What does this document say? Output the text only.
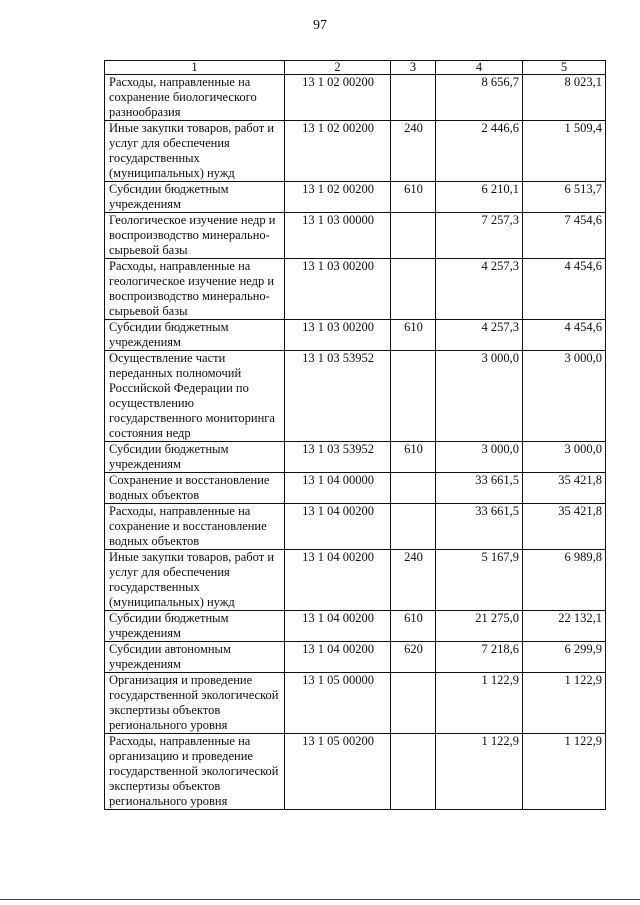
97
1	2	3	4	5
Расходы, направленные на сохранение биологического разнообразия	13 1 02 00200		8 656,7	8 023,1
Иные закупки товаров, работ и услуг для обеспечения государственных (муниципальных) нужд	13 1 02 00200	240	2 446,6	1 509,4
Субсидии бюджетным учреждениям	13 1 02 00200	610	6 210,1	6 513,7
Геологическое изучение недр и воспроизводство минерально-сырьевой базы	13 1 03 00000		7 257,3	7 454,6
Расходы, направленные на геологическое изучение недр и воспроизводство минерально-сырьевой базы	13 1 03 00200		4 257,3	4 454,6
Субсидии бюджетным учреждениям	13 1 03 00200	610	4 257,3	4 454,6
Осуществление части переданных полномочий Российской Федерации по осуществлению государственного мониторинга состояния недр	13 1 03 53952		3 000,0	3 000,0
Субсидии бюджетным учреждениям	13 1 03 53952	610	3 000,0	3 000,0
Сохранение и восстановление водных объектов	13 1 04 00000		33 661,5	35 421,8
Расходы, направленные на сохранение и восстановление водных объектов	13 1 04 00200		33 661,5	35 421,8
Иные закупки товаров, работ и услуг для обеспечения государственных (муниципальных) нужд	13 1 04 00200	240	5 167,9	6 989,8
Субсидии бюджетным учреждениям	13 1 04 00200	610	21 275,0	22 132,1
Субсидии автономным учреждениям	13 1 04 00200	620	7 218,6	6 299,9
Организация и проведение государственной экологической экспертизы объектов регионального уровня	13 1 05 00000		1 122,9	1 122,9
Расходы, направленные на организацию и проведение государственной экологической экспертизы объектов регионального уровня	13 1 05 00200		1 122,9	1 122,9
